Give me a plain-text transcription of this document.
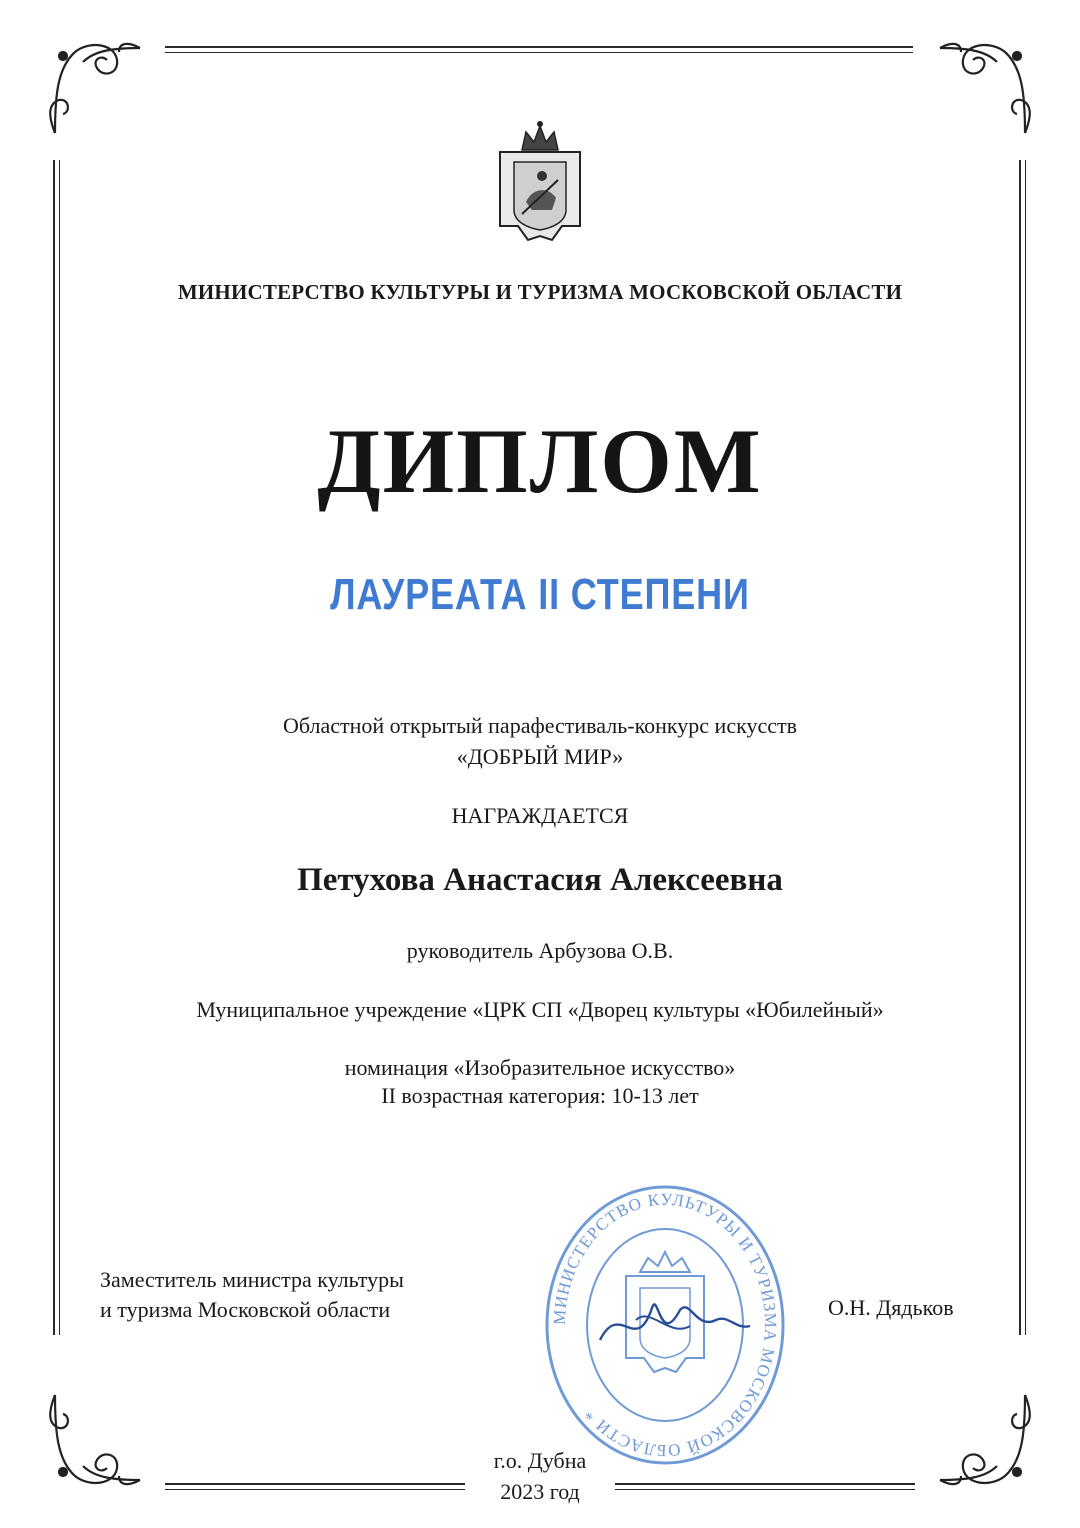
МИНИСТЕРСТВО КУЛЬТУРЫ И ТУРИЗМА МОСКОВСКОЙ ОБЛАСТИ
ДИПЛОМ
ЛАУРЕАТА II СТЕПЕНИ
Областной открытый парафестиваль-конкурс искусств
«ДОБРЫЙ МИР»
НАГРАЖДАЕТСЯ
Петухова Анастасия Алексеевна
руководитель Арбузова О.В.
Муниципальное учреждение «ЦРК СП «Дворец культуры «Юбилейный»
номинация «Изобразительное искусство»
II возрастная категория: 10-13 лет
МИНИСТЕРСТВО КУЛЬТУРЫ И ТУРИЗМА МОСКОВСКОЙ ОБЛАСТИ *
Заместитель министра культуры
и туризма Московской области	О.Н. Дядьков
г.о. Дубна
2023 год
